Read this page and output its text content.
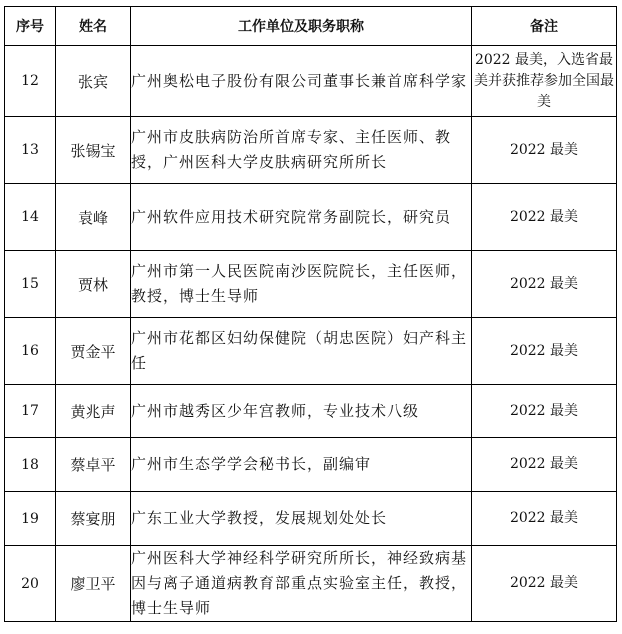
序号	姓名	工作单位及职务职称	备注
12	张宾	广州奥松电子股份有限公司董事长兼首席科学家	2022 最美，入选省最美并获推荐参加全国最美
13	张锡宝	广州市皮肤病防治所首席专家、主任医师、教授，广州医科大学皮肤病研究所所长	2022 最美
14	袁峰	广州软件应用技术研究院常务副院长，研究员	2022 最美
15	贾林	广州市第一人民医院南沙医院院长，主任医师，教授，博士生导师	2022 最美
16	贾金平	广州市花都区妇幼保健院（胡忠医院）妇产科主任	2022 最美
17	黄兆声	广州市越秀区少年宫教师，专业技术八级	2022 最美
18	蔡卓平	广州市生态学学会秘书长，副编审	2022 最美
19	蔡宴朋	广东工业大学教授，发展规划处处长	2022 最美
20	廖卫平	广州医科大学神经科学研究所所长，神经致病基因与离子通道病教育部重点实验室主任，教授，博士生导师	2022 最美
